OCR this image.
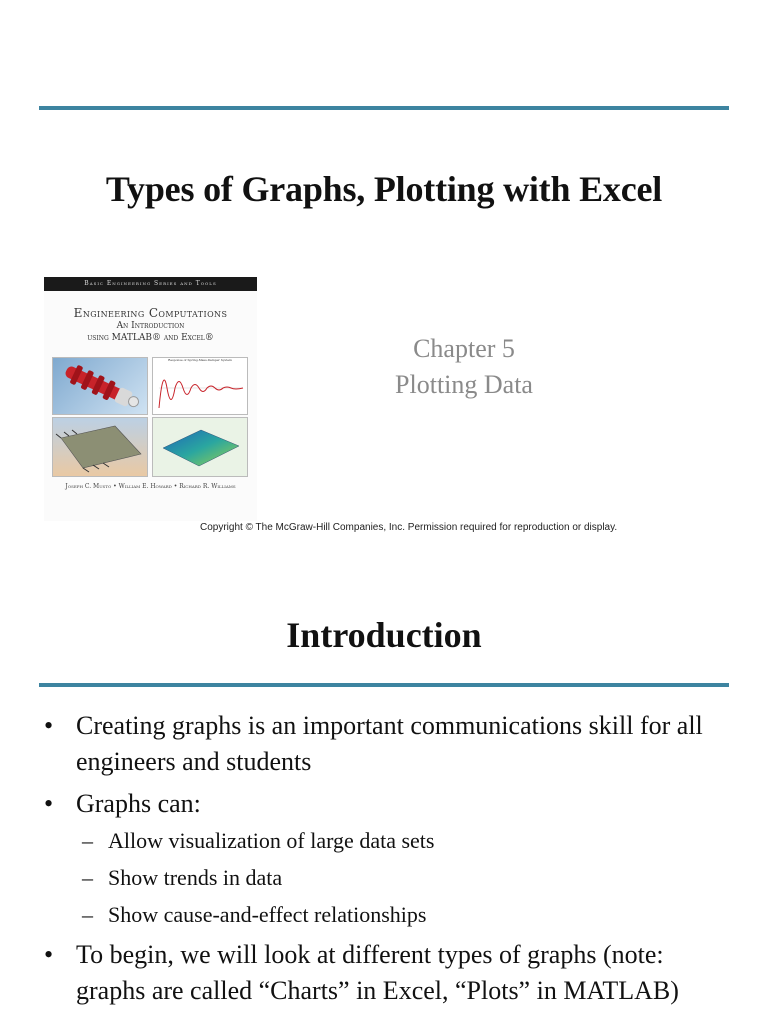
Types of Graphs, Plotting with Excel
Basic Engineering Series and Tools
Engineering Computations
An Introduction
using MATLAB® and Excel®
Response of Spring-Mass-Damper System
Joseph C. Musto • William E. Howard • Richard R. Williams
Chapter 5
Plotting Data
Copyright © The McGraw-Hill Companies, Inc. Permission required for reproduction or display.
Introduction
• Creating graphs is an important communications skill for all engineers and students
• Graphs can:
– Allow visualization of large data sets
– Show trends in data
– Show cause-and-effect relationships
• To begin, we will look at different types of graphs (note: graphs are called “Charts” in Excel, “Plots” in MATLAB)
